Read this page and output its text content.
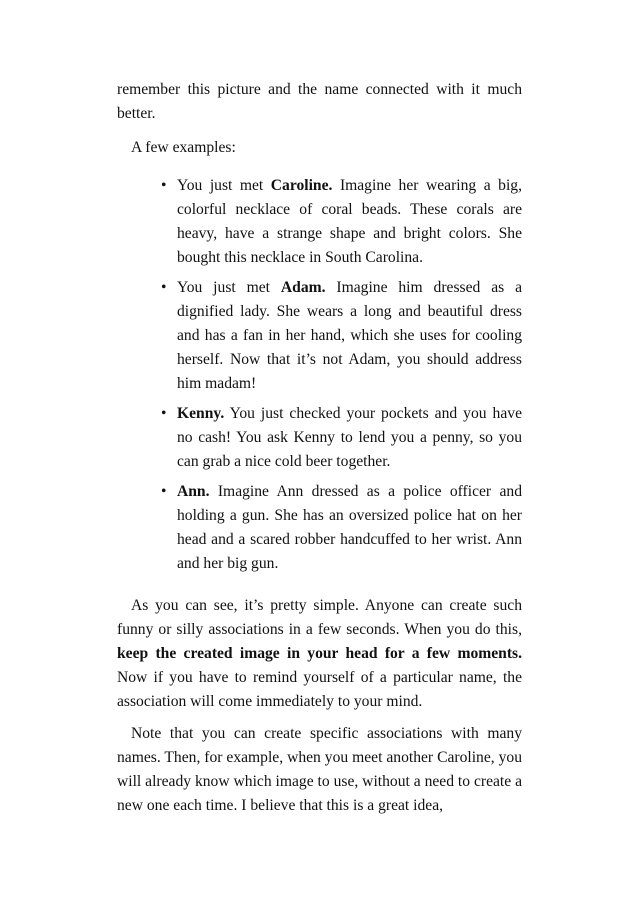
remember this picture and the name connected with it much better.

A few examples:

• You just met Caroline. Imagine her wearing a big, colorful necklace of coral beads. These corals are heavy, have a strange shape and bright colors. She bought this necklace in South Carolina.
• You just met Adam. Imagine him dressed as a dignified lady. She wears a long and beautiful dress and has a fan in her hand, which she uses for cooling herself. Now that it’s not Adam, you should address him madam!
• Kenny. You just checked your pockets and you have no cash! You ask Kenny to lend you a penny, so you can grab a nice cold beer together.
• Ann. Imagine Ann dressed as a police officer and holding a gun. She has an oversized police hat on her head and a scared robber handcuffed to her wrist. Ann and her big gun.

As you can see, it’s pretty simple. Anyone can create such funny or silly associations in a few seconds. When you do this, keep the created image in your head for a few moments. Now if you have to remind yourself of a particular name, the association will come immediately to your mind.

Note that you can create specific associations with many names. Then, for example, when you meet another Caroline, you will already know which image to use, without a need to create a new one each time. I believe that this is a great idea,
